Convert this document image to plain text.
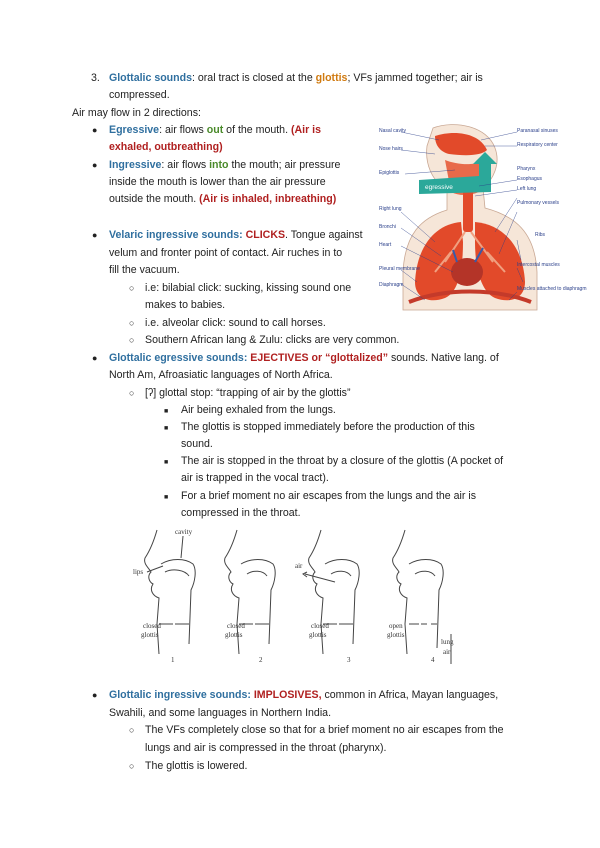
3. Glottalic sounds: oral tract is closed at the glottis; VFs jammed together; air is
compressed.
Air may flow in 2 directions:
● Egressive: air flows out of the mouth. (Air is
exhaled, outbreathing)
● Ingressive: air flows into the mouth; air pressure
inside the mouth is lower than the air pressure
outside the mouth. (Air is inhaled, inbreathing)
● Velaric ingressive sounds: CLICKS. Tongue against
velum and fronter point of contact. Air ruches in to
fill the vacuum.
○ i.e: bilabial click: sucking, kissing sound one
makes to babies.
○ i.e. alveolar click: sound to call horses.
○ Southern African lang & Zulu: clicks are very common.
● Glottalic egressive sounds: EJECTIVES or “glottalized” sounds. Native lang. of
North Am, Afroasiatic languages of North Africa.
○ [ʔ] glottal stop: “trapping of air by the glottis”
■ Air being exhaled from the lungs.
■ The glottis is stopped immediately before the production of this
sound.
■ The air is stopped in the throat by a closure of the glottis (A pocket of
air is trapped in the vocal tract).
■ For a brief moment no air escapes from the lungs and the air is
compressed in the throat.
● Glottalic ingressive sounds: IMPLOSIVES, common in Africa, Mayan languages,
Swahili, and some languages in Northern India.
○ The VFs completely close so that for a brief moment no air escapes from the
lungs and air is compressed in the throat (pharynx).
○ The glottis is lowered.
egressive
Nasal cavity
Nose hairs
Epiglottis
Right lung
Bronchi
Heart
Pleural membrane
Diaphragm
Paranasal sinuses
Respiratory center
Pharynx
Esophagus
Left lung
Pulmonary vessels
Ribs
Intercostal muscles
Muscles attached to diaphragm
cavity
lips
closed
glottis
closed
glottis
air
closed
glottis
open
glottis
lung
air
1	2	3	4
